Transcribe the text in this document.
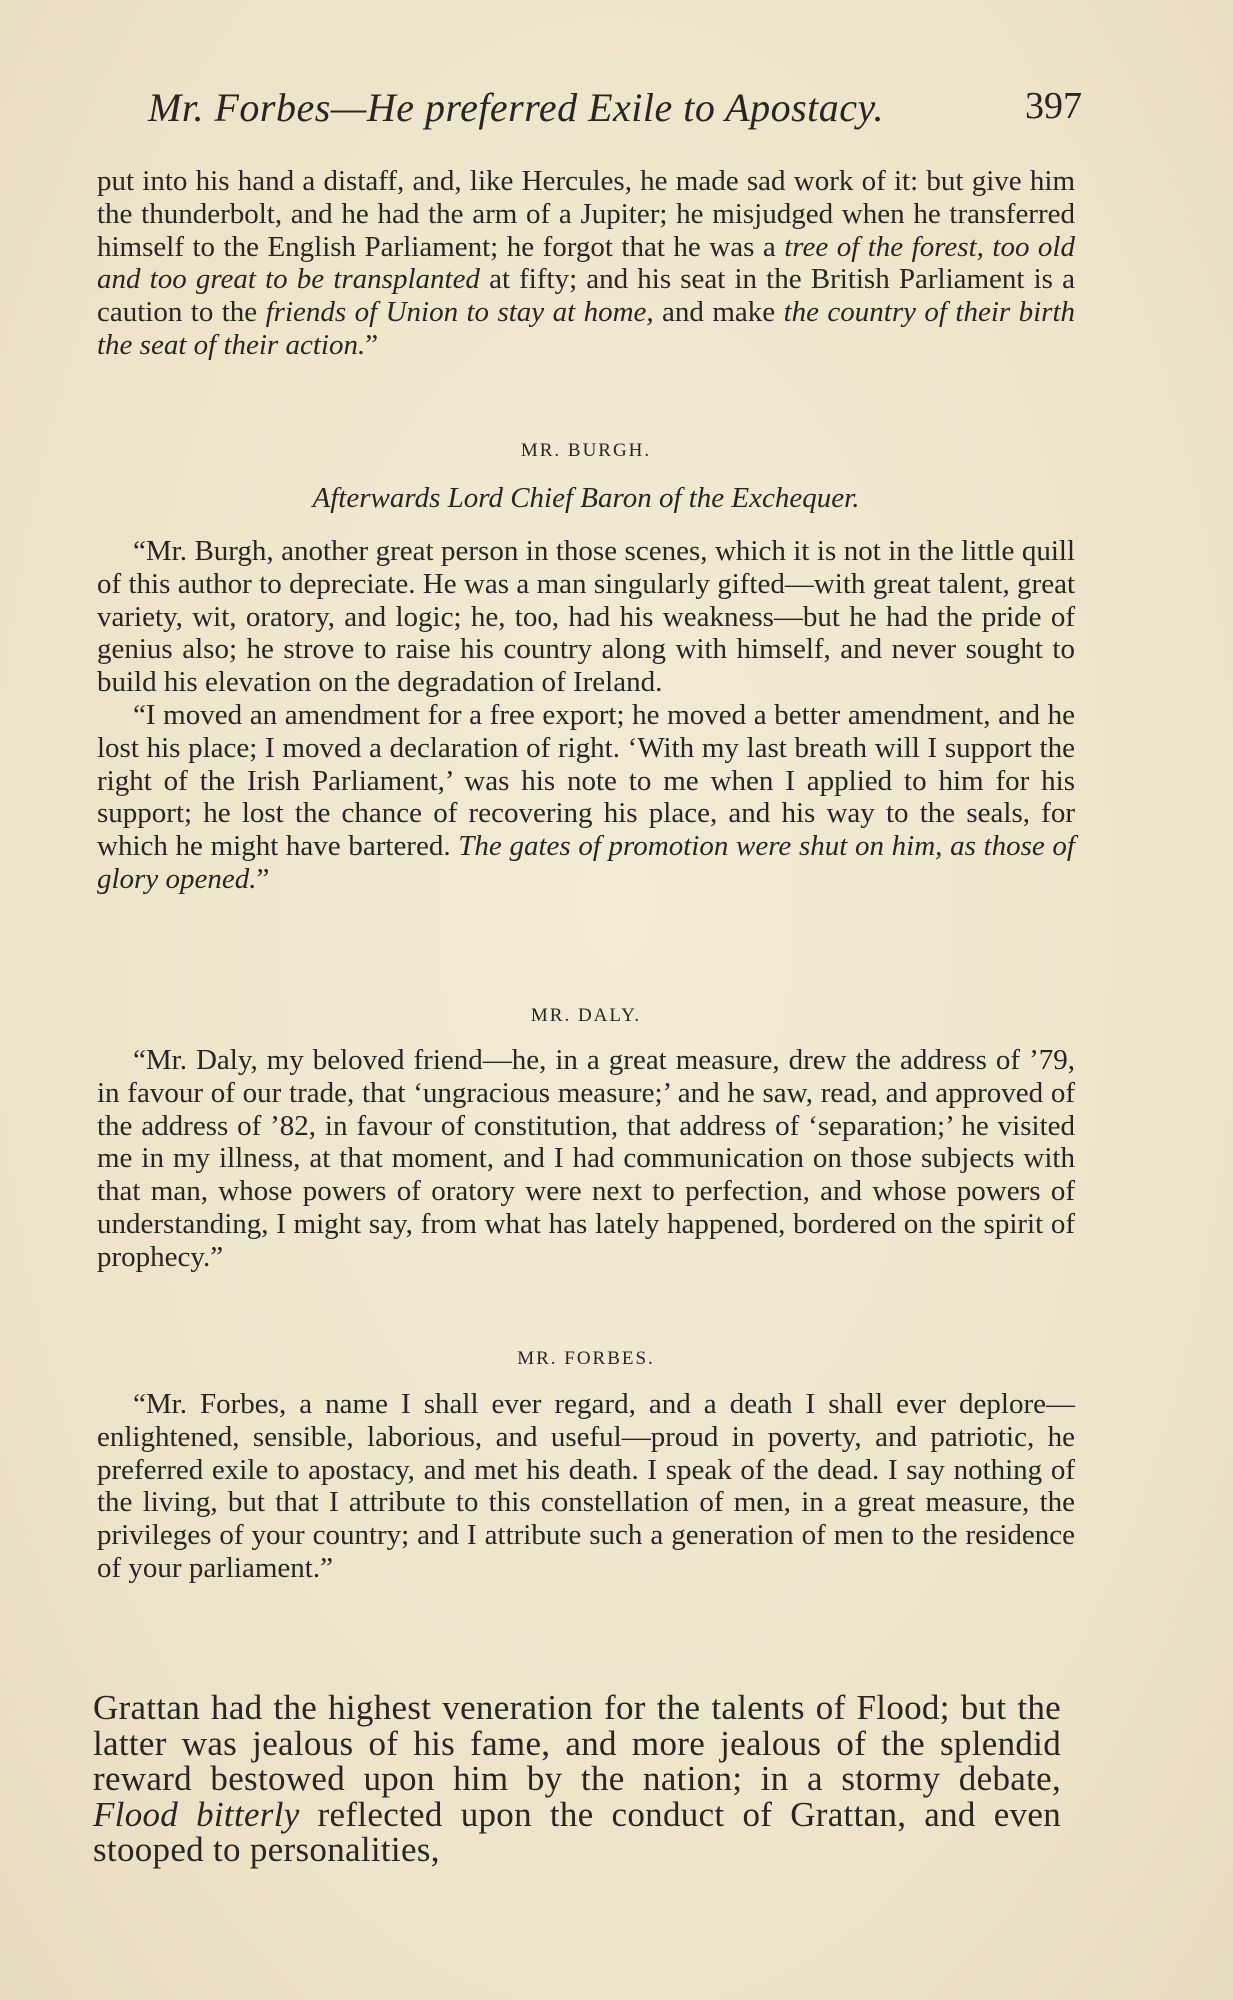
Mr. Forbes—He preferred Exile to Apostacy.	397

put into his hand a distaff, and, like Hercules, he made sad work of it: but give him the thunderbolt, and he had the arm of a Jupiter; he misjudged when he transferred himself to the English Parliament; he forgot that he was a tree of the forest, too old and too great to be transplanted at fifty; and his seat in the British Parliament is a caution to the friends of Union to stay at home, and make the country of their birth the seat of their action.”

MR. BURGH.
Afterwards Lord Chief Baron of the Exchequer.

“Mr. Burgh, another great person in those scenes, which it is not in the little quill of this author to depreciate. He was a man singularly gifted—with great talent, great variety, wit, oratory, and logic; he, too, had his weakness—but he had the pride of genius also; he strove to raise his country along with himself, and never sought to build his elevation on the degradation of Ireland.

“I moved an amendment for a free export; he moved a better amendment, and he lost his place; I moved a declaration of right. ‘With my last breath will I support the right of the Irish Parliament,’ was his note to me when I applied to him for his support; he lost the chance of recovering his place, and his way to the seals, for which he might have bartered. The gates of promotion were shut on him, as those of glory opened.”

MR. DALY.

“Mr. Daly, my beloved friend—he, in a great measure, drew the address of ’79, in favour of our trade, that ‘ungracious measure;’ and he saw, read, and approved of the address of ’82, in favour of constitution, that address of ‘separation;’ he visited me in my illness, at that moment, and I had communication on those subjects with that man, whose powers of oratory were next to perfection, and whose powers of understanding, I might say, from what has lately happened, bordered on the spirit of prophecy.”

MR. FORBES.

“Mr. Forbes, a name I shall ever regard, and a death I shall ever deplore—enlightened, sensible, laborious, and useful—proud in poverty, and patriotic, he preferred exile to apostacy, and met his death. I speak of the dead. I say nothing of the living, but that I attribute to this constellation of men, in a great measure, the privileges of your country; and I attribute such a generation of men to the residence of your parliament.”

Grattan had the highest veneration for the talents of Flood; but the latter was jealous of his fame, and more jealous of the splendid reward bestowed upon him by the nation; in a stormy debate, Flood bitterly reflected upon the conduct of Grattan, and even stooped to personalities,
